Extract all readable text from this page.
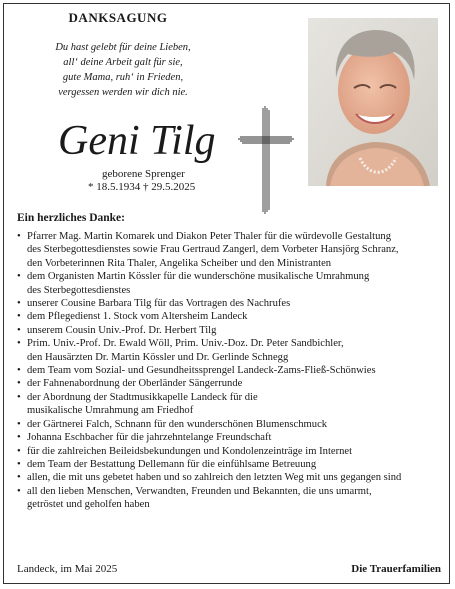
DANKSAGUNG
Du hast gelebt für deine Lieben,
all‘ deine Arbeit galt für sie,
gute Mama, ruh‘ in Frieden,
vergessen werden wir dich nie.
Geni Tilg
geborene Sprenger
* 18.5.1934 † 29.5.2025
Ein herzliches Danke:
• Pfarrer Mag. Martin Komarek und Diakon Peter Thaler für die würdevolle Gestaltung
des Sterbegottesdienstes sowie Frau Gertraud Zangerl, dem Vorbeter Hansjörg Schranz,
den Vorbeterinnen Rita Thaler, Angelika Scheiber und den Ministranten
• dem Organisten Martin Kössler für die wunderschöne musikalische Umrahmung
des Sterbegottesdienstes
• unserer Cousine Barbara Tilg für das Vortragen des Nachrufes
• dem Pflegedienst 1. Stock vom Altersheim Landeck
• unserem Cousin Univ.-Prof. Dr. Herbert Tilg
• Prim. Univ.-Prof. Dr. Ewald Wöll, Prim. Univ.-Doz. Dr. Peter Sandbichler,
den Hausärzten Dr. Martin Kössler und Dr. Gerlinde Schnegg
• dem Team vom Sozial- und Gesundheitssprengel Landeck-Zams-Fließ-Schönwies
• der Fahnenabordnung der Oberländer Sängerrunde
• der Abordnung der Stadtmusikkapelle Landeck für die
musikalische Umrahmung am Friedhof
• der Gärtnerei Falch, Schnann für den wunderschönen Blumenschmuck
• Johanna Eschbacher für die jahrzehntelange Freundschaft
• für die zahlreichen Beileidsbekundungen und Kondolenzeinträge im Internet
• dem Team der Bestattung Dellemann für die einfühlsame Betreuung
• allen, die mit uns gebetet haben und so zahlreich den letzten Weg mit uns gegangen sind
• all den lieben Menschen, Verwandten, Freunden und Bekannten, die uns umarmt,
getröstet und geholfen haben
Landeck, im Mai 2025	Die Trauerfamilien
